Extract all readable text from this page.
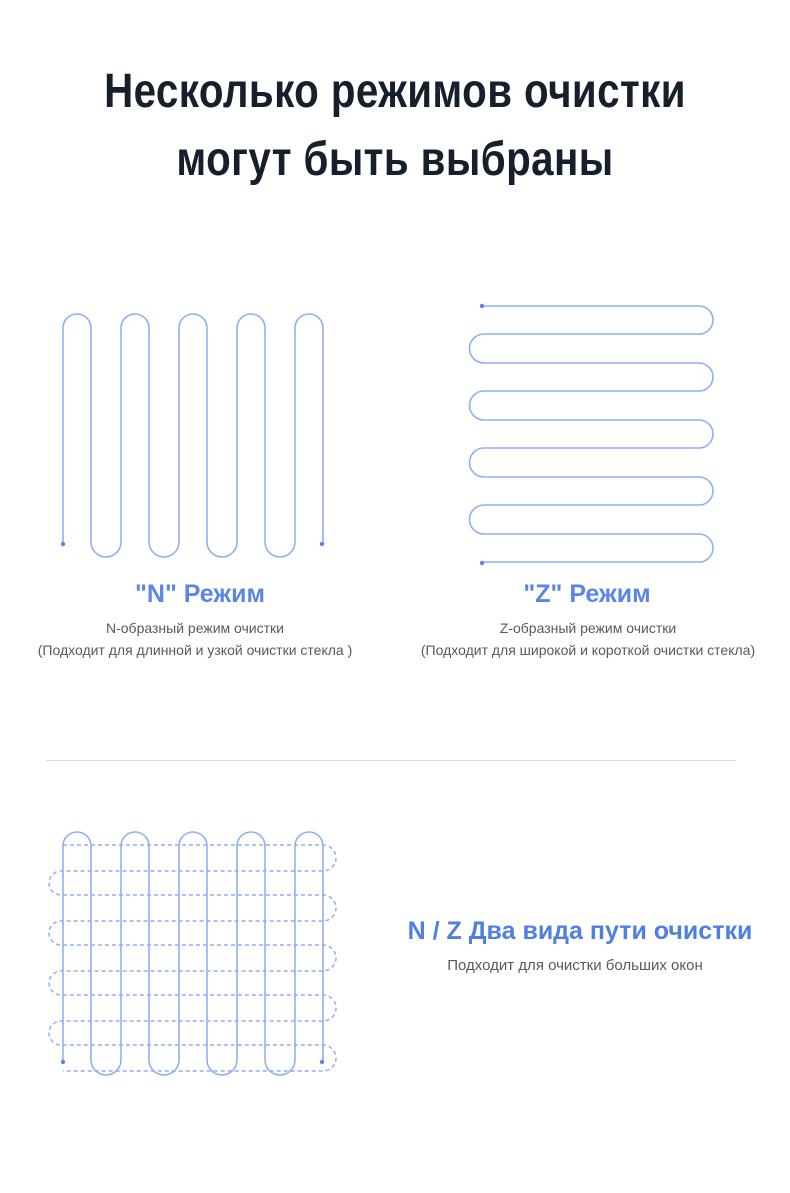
Несколько режимов очистки
могут быть выбраны
"N" Режим
N-образный режим очистки
(Подходит для длинной и узкой очистки стекла )
"Z" Режим
Z-образный режим очистки
(Подходит для широкой и короткой очистки стекла)
N / Z Два вида пути очистки
Подходит для очистки больших окон
